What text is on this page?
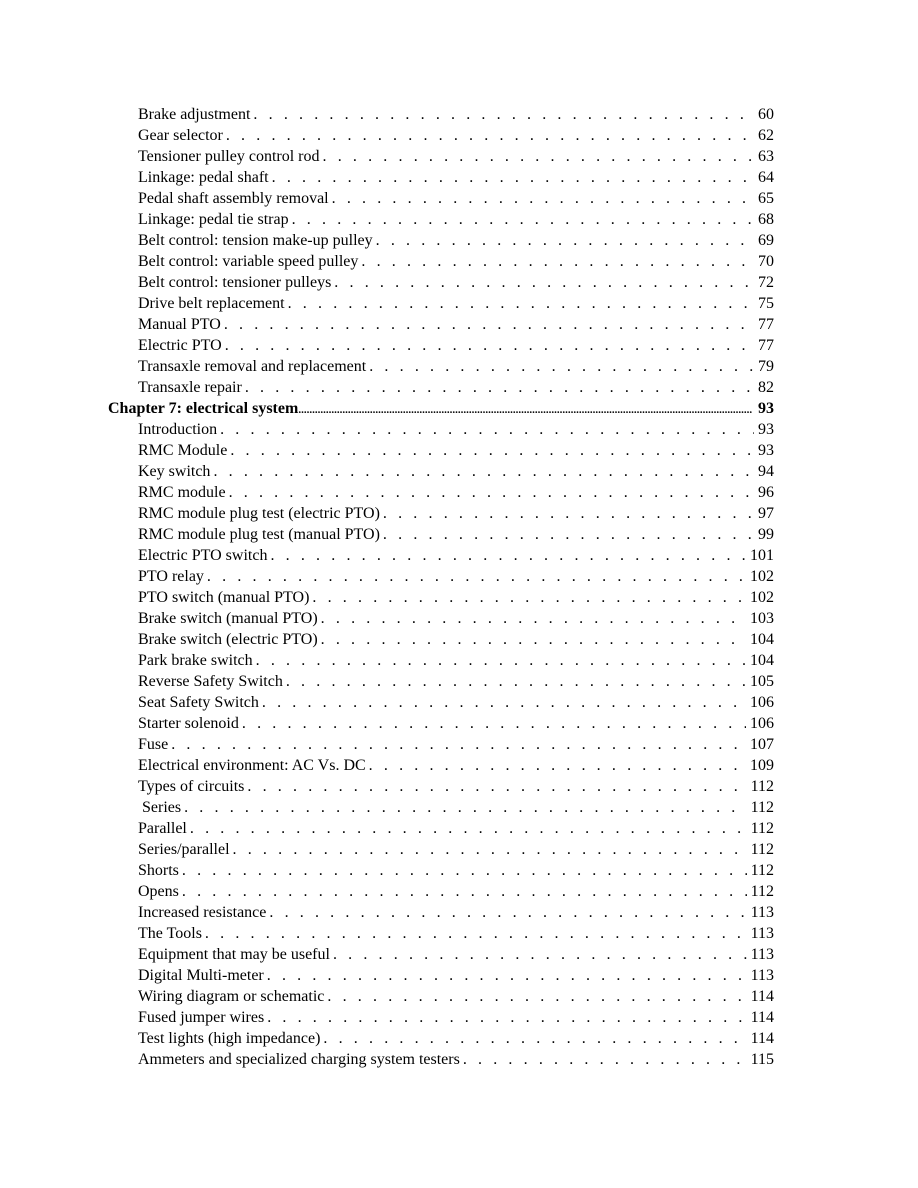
Brake adjustment . . .	60
Gear selector . . .	62
Tensioner pulley control rod . . .	63
Linkage: pedal shaft . . .	64
Pedal shaft assembly removal . . .	65
Linkage: pedal tie strap . . .	68
Belt control: tension make-up pulley . . .	69
Belt control: variable speed pulley . . .	70
Belt control: tensioner pulleys . . .	72
Drive belt replacement . . .	75
Manual PTO . . .	77
Electric PTO . . .	77
Transaxle removal and replacement . . .	79
Transaxle repair . . .	82
Chapter 7: electrical system .....	93
Introduction . . .	93
RMC Module . . .	93
Key switch . . .	94
RMC module . . .	96
RMC module plug test (electric PTO) . . .	97
RMC module plug test (manual PTO) . . .	99
Electric PTO switch . . .	101
PTO relay . . .	102
PTO switch (manual PTO) . . .	102
Brake switch (manual PTO) . . .	103
Brake switch (electric PTO) . . .	104
Park brake switch . . .	104
Reverse Safety Switch . . .	105
Seat Safety Switch . . .	106
Starter solenoid . . .	106
Fuse . . .	107
Electrical environment: AC Vs. DC . . .	109
Types of circuits . . .	112
Series . . .	112
Parallel . . .	112
Series/parallel . . .	112
Shorts . . .	112
Opens . . .	112
Increased resistance . . .	113
The Tools . . .	113
Equipment that may be useful . . .	113
Digital Multi-meter . . .	113
Wiring diagram or schematic . . .	114
Fused jumper wires . . .	114
Test lights (high impedance) . . .	114
Ammeters and specialized charging system testers . . .	115
